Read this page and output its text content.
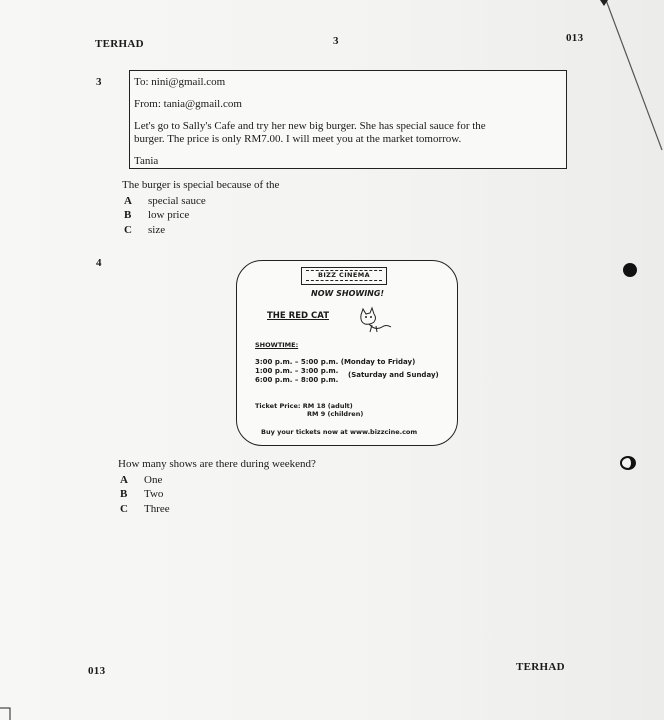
TERHAD	3	013
3	To: nini@gmail.com
From: tania@gmail.com
Let's go to Sally's Cafe and try her new big burger. She has special sauce for the
burger. The price is only RM7.00. I will meet you at the market tomorrow.
Tania
The burger is special because of the
A special sauce
B low price
C size
4
BIZZ CINEMA
NOW SHOWING!
THE RED CAT
SHOWTIME:
3:00 p.m. – 5:00 p.m. (Monday to Friday)
1:00 p.m. – 3:00 p.m.
6:00 p.m. – 8:00 p.m.
(Saturday and Sunday)
Ticket Price: RM 18 (adult)
RM 9 (children)
Buy your tickets now at www.bizzcine.com
How many shows are there during weekend?
A One
B Two
C Three
013	TERHAD
